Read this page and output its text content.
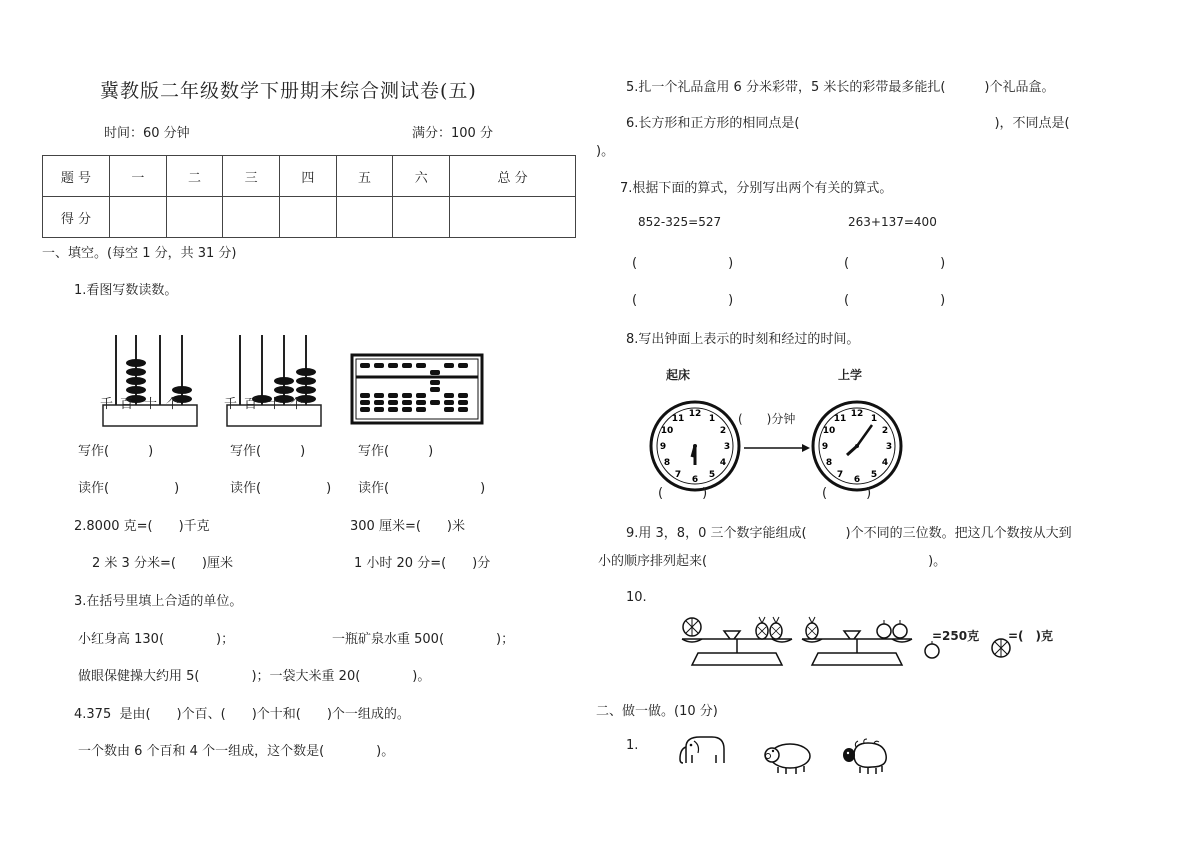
冀教版二年级数学下册期末综合测试卷(五)
时间：60 分钟	满分：100 分
题 号	一	二	三	四	五	六	总 分
得 分							
一、填空。(每空 1 分，共 31 分)
1.看图写数读数。

千

百

十

个

	千

百

十

个

写作(　　　)	写作(　　　)	写作(　　　)
读作(　　　　　)	读作(　　　　　) 读作(　　　　　　　)
2.8000 克=(　　)千克	300 厘米=(　　)米
2 米 3 分米=(　　)厘米	1 小时 20 分=(　　)分
3.在括号里填上合适的单位。
小红身高 130(　　　　)；	一瓶矿泉水重 500(　　　　)；
做眼保健操大约用 5(　　　　)；一袋大米重 20(　　　　)。
4.375  是由(　　)个百、(　　)个十和(　　)个一组成的。
一个数由 6 个百和 4 个一组成，这个数是(　　　　)。
5.扎一个礼品盒用 6 分米彩带，5 米长的彩带最多能扎(　　　)个礼品盒。
6.长方形和正方形的相同点是(　　　　　　　　　　　　　　　)，不同点是(
)。
7.根据下面的算式，分别写出两个有关的算式。
852-325=527	263+137=400
(　　　　　　　)	(　　　　　　　)
(　　　　　　　)	(　　　　　　　)
8.写出钟面上表示的时刻和经过的时间。
起床	上学

12 1
2
3
4
5
6
7
8
9
10
11	(　　)分钟

	12 1
2
3
4
5
6
7
8
9
10
11

(　　　)	(　　　)
9.用 3，8，0 三个数字能组成(　　　)个不同的三位数。把这几个数按从大到
小的顺序排列起来(　　　　　　　　　　　　　　　　　)。
10.

=250克

=(　)克
二、做一做。(10 分)
1.
